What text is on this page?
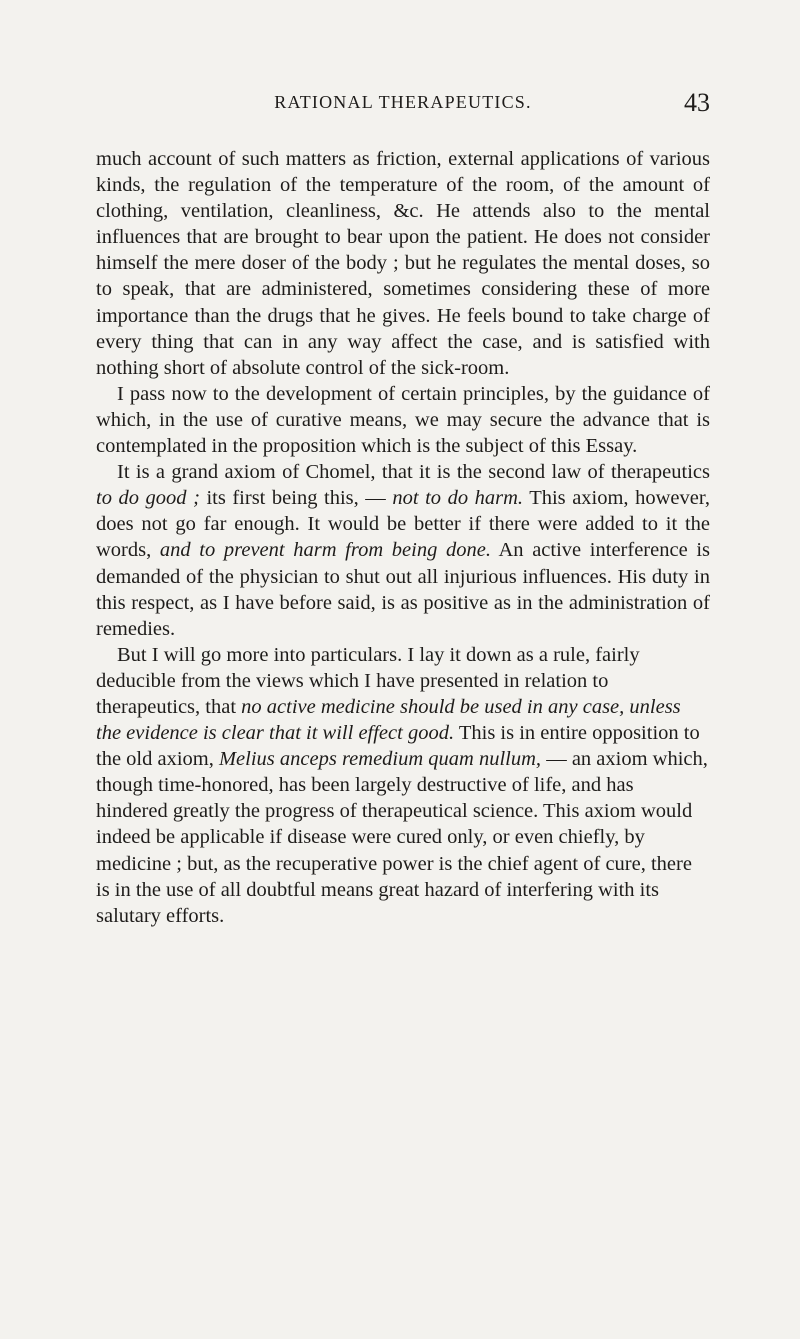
RATIONAL THERAPEUTICS.	43

much account of such matters as friction, external applications of various kinds, the regulation of the temperature of the room, of the amount of clothing, ventilation, cleanliness, &c. He attends also to the mental influences that are brought to bear upon the patient. He does not consider himself the mere doser of the body ; but he regulates the mental doses, so to speak, that are administered, sometimes considering these of more importance than the drugs that he gives. He feels bound to take charge of every thing that can in any way affect the case, and is satisfied with nothing short of absolute control of the sick-room.

I pass now to the development of certain principles, by the guidance of which, in the use of curative means, we may secure the advance that is contemplated in the proposition which is the subject of this Essay.

It is a grand axiom of Chomel, that it is the second law of therapeutics to do good ; its first being this, — not to do harm. This axiom, however, does not go far enough. It would be better if there were added to it the words, and to prevent harm from being done. An active interference is demanded of the physician to shut out all injurious influences. His duty in this respect, as I have before said, is as positive as in the administration of remedies.

But I will go more into particulars. I lay it down as a rule, fairly deducible from the views which I have presented in relation to therapeutics, that no active medicine should be used in any case, unless the evidence is clear that it will effect good. This is in entire opposition to the old axiom, Melius anceps remedium quam nullum, — an axiom which, though time-honored, has been largely destructive of life, and has hindered greatly the progress of therapeutical science. This axiom would indeed be applicable if disease were cured only, or even chiefly, by medicine ; but, as the recuperative power is the chief agent of cure, there is in the use of all doubtful means great hazard of interfering with its salutary efforts.
